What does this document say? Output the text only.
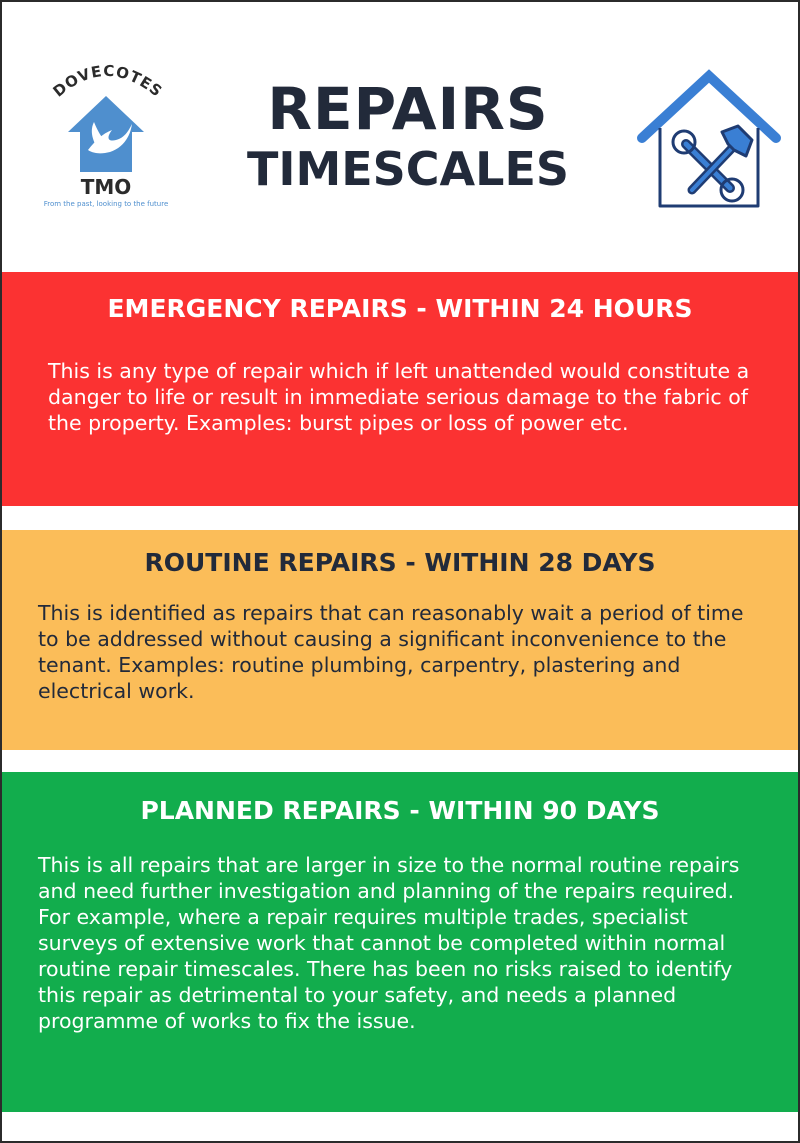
DOVECOTES
TMO
From the past, looking to the future
REPAIRS
TIMESCALES
EMERGENCY REPAIRS - WITHIN 24 HOURS
This is any type of repair which if left unattended would constitute a danger to life or result in immediate serious damage to the fabric of the property. Examples: burst pipes or loss of power etc.
ROUTINE REPAIRS - WITHIN 28 DAYS
This is identified as repairs that can reasonably wait a period of time to be addressed without causing a significant inconvenience to the tenant. Examples: routine plumbing, carpentry, plastering and electrical work.
PLANNED REPAIRS - WITHIN 90 DAYS
This is all repairs that are larger in size to the normal routine repairs and need further investigation and planning of the repairs required. For example, where a repair requires multiple trades, specialist surveys of extensive work that cannot be completed within normal routine repair timescales. There has been no risks raised to identify this repair as detrimental to your safety, and needs a planned programme of works to fix the issue.
